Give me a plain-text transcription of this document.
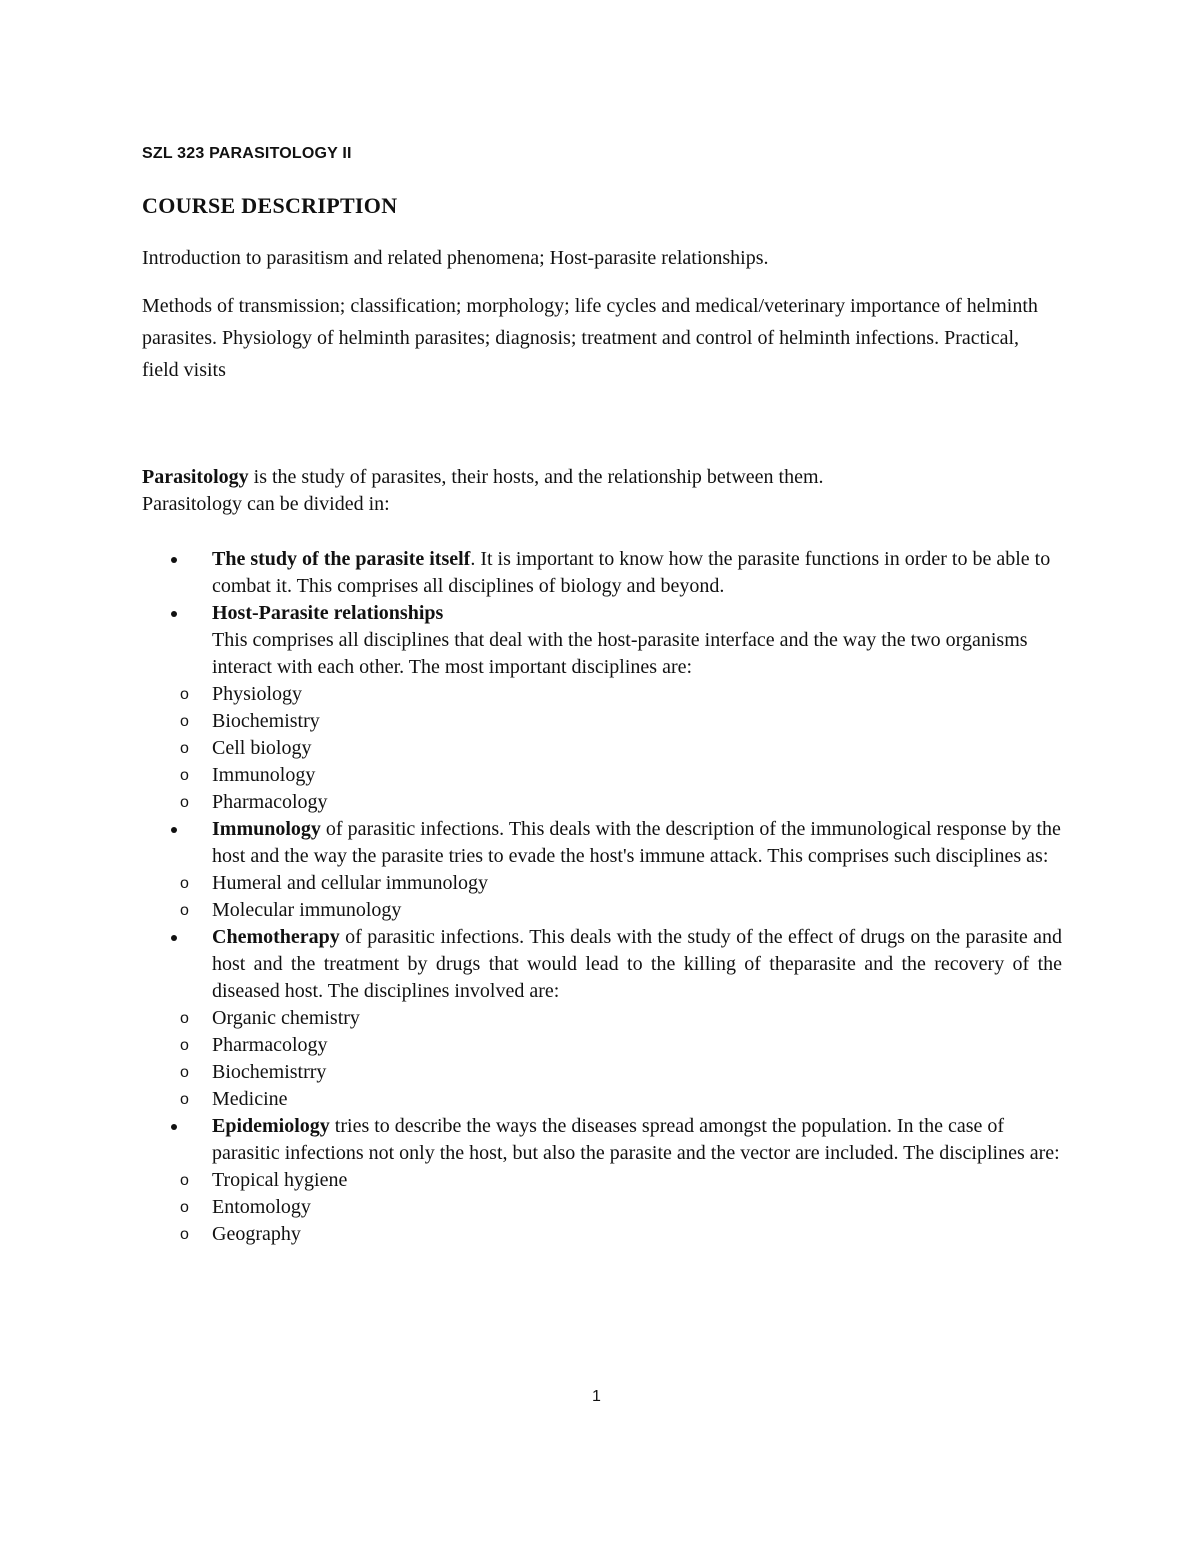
SZL 323 PARASITOLOGY II
COURSE DESCRIPTION
Introduction to parasitism and related phenomena; Host-parasite relationships.
Methods of transmission; classification; morphology; life cycles and medical/veterinary importance of helminth parasites. Physiology of helminth parasites; diagnosis; treatment and control of helminth infections. Practical, field visits
Parasitology is the study of parasites, their hosts, and the relationship between them.
Parasitology can be divided in:
The study of the parasite itself. It is important to know how the parasite functions in order to be able to combat it. This comprises all disciplines of biology and beyond.
Host-Parasite relationships
This comprises all disciplines that deal with the host-parasite interface and the way the two organisms interact with each other. The most important disciplines are:
o Physiology
o Biochemistry
o Cell biology
o Immunology
o Pharmacology
Immunology of parasitic infections. This deals with the description of the immunological response by the host and the way the parasite tries to evade the host's immune attack. This comprises such disciplines as:
o Humeral and cellular immunology
o Molecular immunology
Chemotherapy of parasitic infections. This deals with the study of the effect of drugs on the parasite and host and the treatment by drugs that would lead to the killing of theparasite and the recovery of the diseased host. The disciplines involved are:
o Organic chemistry
o Pharmacology
o Biochemistrry
o Medicine
Epidemiology tries to describe the ways the diseases spread amongst the population. In the case of parasitic infections not only the host, but also the parasite and the vector are included. The disciplines are:
o Tropical hygiene
o Entomology
o Geography
1
